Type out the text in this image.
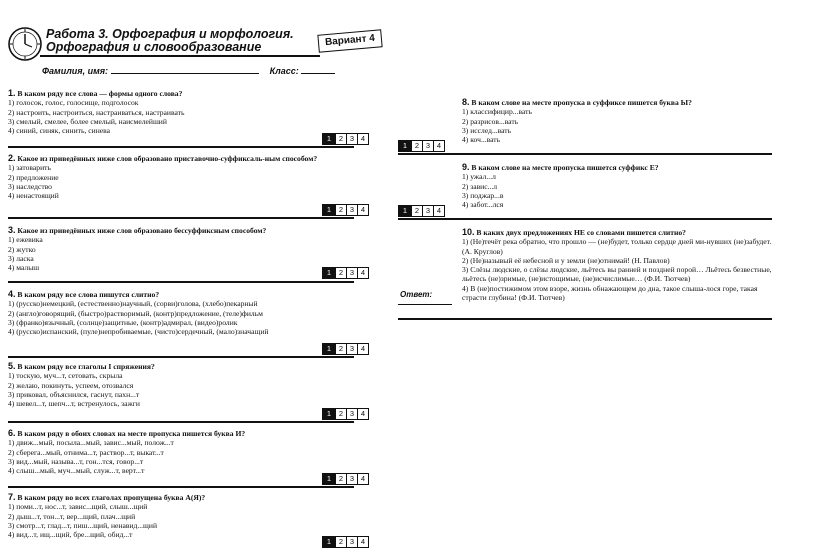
Работа 3. Орфография и морфология.
Орфография и словообразование	Вариант 4
Фамилия, имя:	Класс:
1. В каком ряду все слова — формы одного слова?
1) голосок, голос, голосище, подголосок
2) настроить, настроиться, настраиваться, настраивать
3) смелый, смелее, более смелый, наисмелейший
4) синий, синяк, синить, синева
1	2 3 4
2. Какое из приведённых ниже слов образовано приставочно-суффиксаль-ным способом?
1) затоварить
2) предложение
3) наследство
4) ненастоящий
1	2 3 4
3. Какое из приведённых ниже слов образовано бессуффиксным способом?
1) ежевика
2) жутко
3) ласка
4) малыш
1	2 3 4
4. В каком ряду все слова пишутся слитно?
1) (русско)немецкий, (естественно)научный, (сорви)голова, (хлебо)пекарный
2) (англо)говорящий, (быстро)растворимый, (контр)предложение, (теле)фильм
3) (франко)язычный, (солнце)защитные, (контр)адмирал, (видео)ролик
4) (русско)испанский, (пуле)непробиваемые, (чисто)сердечный, (мало)значащий
1	2 3 4
5. В каком ряду все глаголы I спряжения?
1) тоскую, муч...т, сетовать, скрыла
2) желаю, покинуть, успеем, отозвался
3) приковал, объяснился, гаснут, пахн...т
4) шевел...т, шепч...т, встренулось, зажги
1	2 3 4
6. В каком ряду в обоих словах на месте пропуска пишется буква И?
1) движ...мый, посыла...мый, завис...мый, полож...т
2) сберега...мый, отнима...т, раствор...т, выкат...т
3) вид...мый, называ...т, гон...тся, говор...т
4) слыш...мый, муч...мый, служ...т, верт...т
1	2 3 4
7. В каком ряду во всех глаголах пропущена буква А(Я)?
1) поми...т, нос...т, завис...щий, слыш...щий
2) дыш...т, тон...т, вер...щий, плач...щий
3) смотр...т, глад...т, пиш...щий, ненавид...щий
4) вид...т, ищ...щий, бре...щий, обид...т
1	2 3 4
8. В каком слове на месте пропуска в суффиксе пишется буква Ы?
1) классифицир...вать
2) разрисов...вать
3) исслед...вать
4) коч...вать
1	2 3 4
9. В каком слове на месте пропуска пишется суффикс Е?
1) ужал...л
2) завис...л
3) поджар...в
4) забот...лся
1	2 3 4
10. В каких двух предложениях НЕ со словами пишется слитно?
1) (Не)течёт река обратно, что прошло — (не)будет, только сердце дней ми-нувших (не)забудет. (А. Круглов)
2) (Не)назывый её небесной и у земли (не)отнимай! (Н. Павлов)
3) Слёзы людские, о слёзы людские, льётесь вы ранней и поздней порой… Льётесь безвестные, льётесь (не)зримые, (не)истощимые, (не)исчислимые… (Ф.И. Тютчев)
4) В (не)постижимом этом взоре, жизнь обнажающем до дна, такое слыша-лося горе, такая страсти глубина! (Ф.И. Тютчев)
Ответ:
